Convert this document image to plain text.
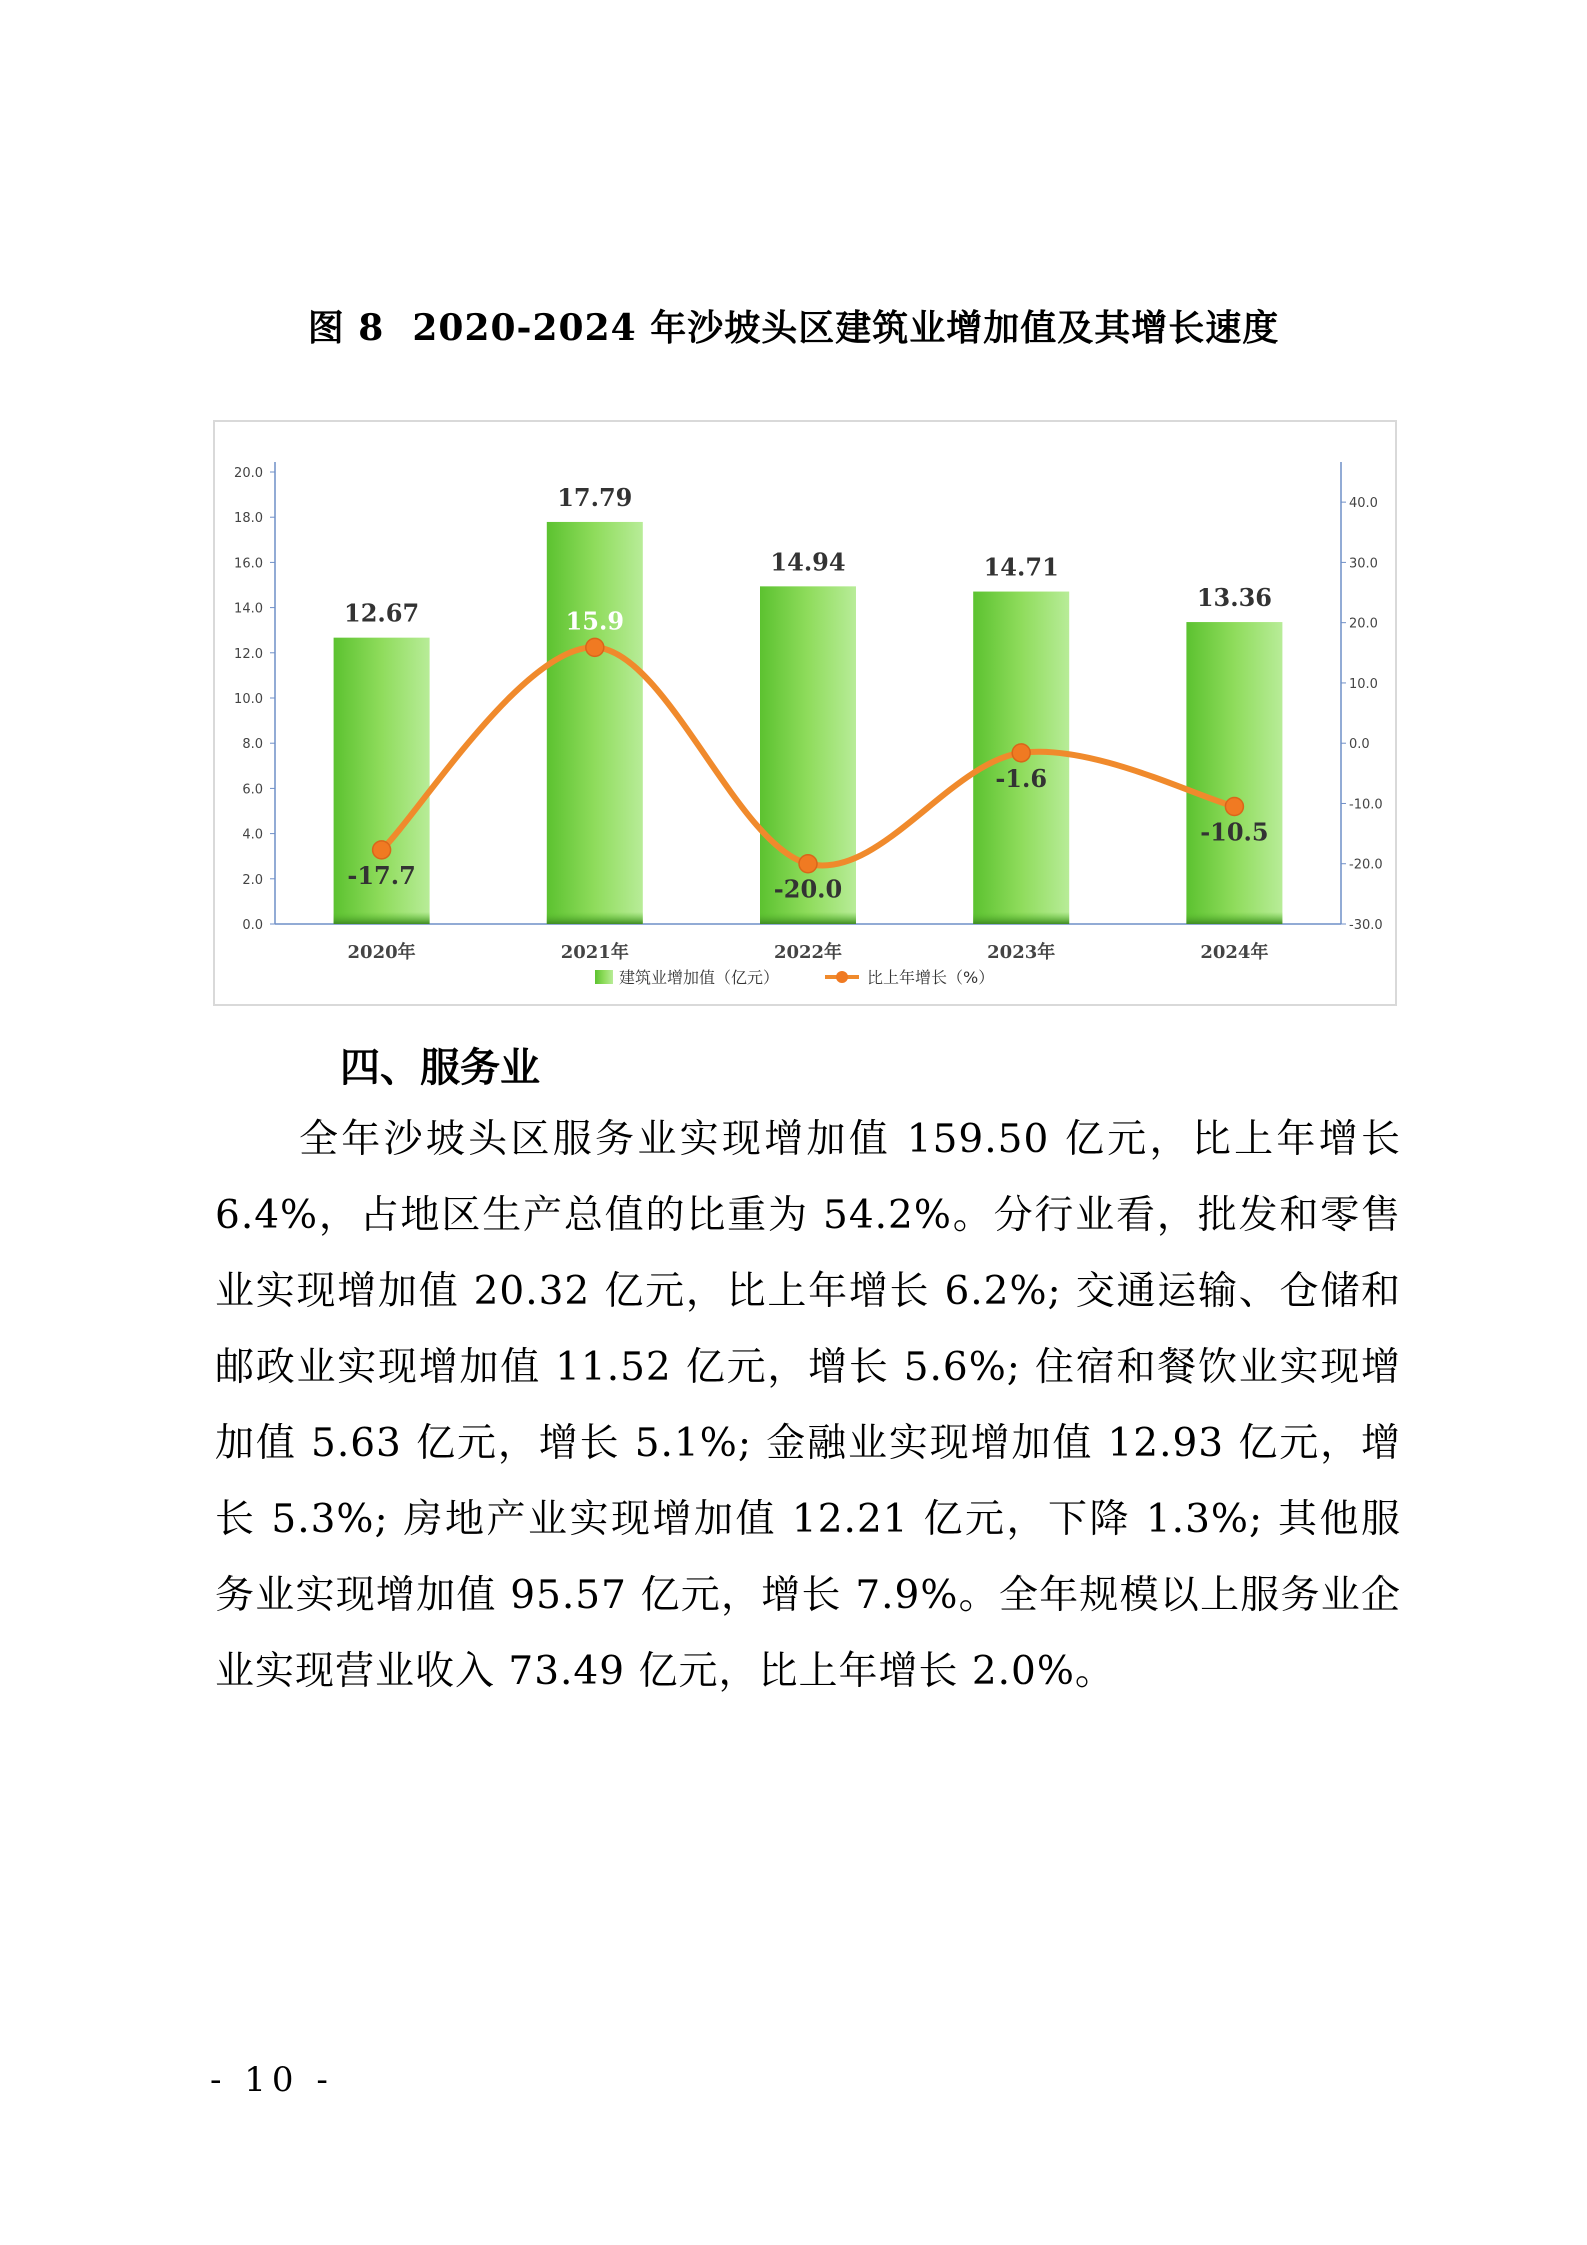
图 8 2020-2024 年沙坡头区建筑业增加值及其增长速度
0.0
2.0
4.0
6.0
8.0
10.0
12.0
14.0
16.0
18.0
20.0
-30.0
-20.0
-10.0
0.0
10.0
20.0
30.0
40.0
12.67
17.79
14.94	14.71
13.36
-17.7
15.9
-20.0
-1.6
-10.5
2020年	2021年	2022年	2023年	2024年
建筑业增加值（亿元）	比上年增长（%）
四、服务业
全年沙坡头区服务业实现增加值 159.50 亿元，比上年增长 6.4%，占地区生产总值的比重为 54.2%。分行业看，批发和零售业实现增加值 20.32 亿元，比上年增长 6.2%; 交通运输、仓储和邮政业实现增加值 11.52 亿元，增长 5.6%; 住宿和餐饮业实现增加值 5.63 亿元，增长 5.1%; 金融业实现增加值 12.93 亿元，增长 5.3%; 房地产业实现增加值 12.21 亿元，下降 1.3%; 其他服务业实现增加值 95.57 亿元，增长 7.9%。全年规模以上服务业企业实现营业收入 73.49 亿元，比上年增长 2.0%。
- 10 -
